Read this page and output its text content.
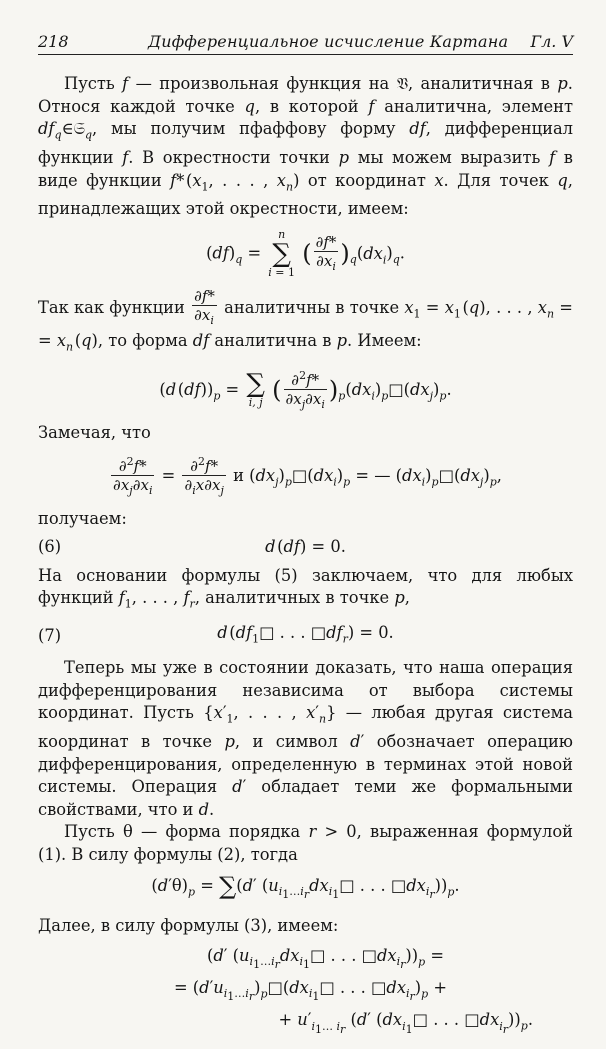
218	Дифференциальное исчисление Картана Гл. V

Пусть f — произвольная функция на 𝔙, аналитичная в p. Относя каждой точке q, в которой f аналитична, элемент $df_q\in 𝔖_q$, мы получим пфаффову форму df, дифференциал функции f. В окрестности точки p мы можем выразить f в виде функции f* ($x_1$, . . . , $x_n$) от координат x. Для точек q, принадлежащих этой окрестности, имеем:

$(df)_q = n$
∑
i = 1 ( $\frac{\partial f*}{\partial x_i} )_q(dx_i)_q$.

Так как функции $\frac{\partial f*}{\partial x_i}$ аналитичны в точке $x_1 = x_1$ (q), . . . , $x_n$ = = $x_n$ (q), то форма df аналитична в p. Имеем:

(d $(df))_p$ = ∑
i, j ( $\frac{\partial^2f*}{\partial x_j\partial x_i}$ )$_p(dx_i)_p□(dx_j)_p$.

Замечая, что

$\frac{\partial^2f*}{\partial x_j\partial x_i} = \frac{\partial^2f*}{\partial_ix\partial x_j}$ и $(dx_j)_p□(dx_i)_p$ = — $(dx_i)_p□(dx_j)_p$,

получаем:

(6)	d (df) = 0.

На основании формулы (5) заключаем, что для любых функций $f_1$, . . . , $f_r$, аналитичных в точке p,

(7)	d ($df_1□$ . . . $□df_r) = 0$.

Теперь мы уже в состоянии доказать, что наша операция дифференцирования независима от выбора системы координат. Пусть {$x'_1$, . . . , $x'_n$} — любая другая система координат в точке p, и символ d′ обозначает операцию дифференцирования, определенную в терминах этой новой системы. Операция d′ обладает теми же формальными свойствами, что и d.

Пусть θ — форма порядка r > 0, выраженная формулой (1). В силу формулы (2), тогда

$(d'\theta)_p = \sum(d'$ ($u_{i_1\dots i_r}dx_{i_1}□$ . . . $□dx_{i_r}))_p$.

Далее, в силу формулы (3), имеем:

(d′ ($u_{i_1\dots i_r}dx_{i_1}□$ . . . $□dx_{i_r}))_p$ =
= $(d'u_{i_1\dots i_r})_p□(dx_{i_1}□$ . . . $□dx_{i_r})_p$ +
+ $u'_{i_1\dots i_r}$ (d′ ($dx_{i_1}□$ . . . $□dx_{i_r}))_p$.
